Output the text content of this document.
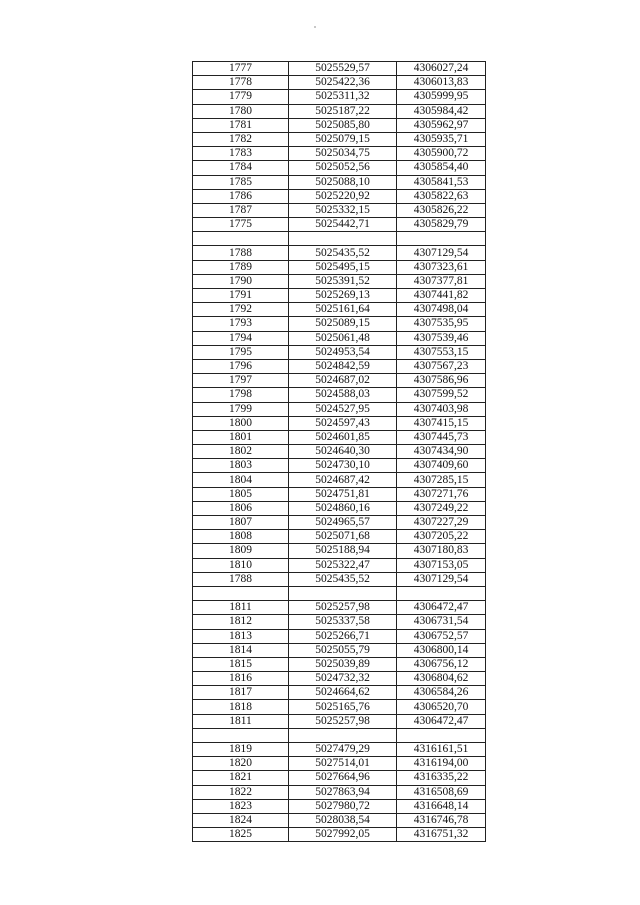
1777	5025529,57	4306027,24
1778	5025422,36	4306013,83
1779	5025311,32	4305999,95
1780	5025187,22	4305984,42
1781	5025085,80	4305962,97
1782	5025079,15	4305935,71
1783	5025034,75	4305900,72
1784	5025052,56	4305854,40
1785	5025088,10	4305841,53
1786	5025220,92	4305822,63
1787	5025332,15	4305826,22
1775	5025442,71	4305829,79

1788	5025435,52	4307129,54
1789	5025495,15	4307323,61
1790	5025391,52	4307377,81
1791	5025269,13	4307441,82
1792	5025161,64	4307498,04
1793	5025089,15	4307535,95
1794	5025061,48	4307539,46
1795	5024953,54	4307553,15
1796	5024842,59	4307567,23
1797	5024687,02	4307586,96
1798	5024588,03	4307599,52
1799	5024527,95	4307403,98
1800	5024597,43	4307415,15
1801	5024601,85	4307445,73
1802	5024640,30	4307434,90
1803	5024730,10	4307409,60
1804	5024687,42	4307285,15
1805	5024751,81	4307271,76
1806	5024860,16	4307249,22
1807	5024965,57	4307227,29
1808	5025071,68	4307205,22
1809	5025188,94	4307180,83
1810	5025322,47	4307153,05
1788	5025435,52	4307129,54

1811	5025257,98	4306472,47
1812	5025337,58	4306731,54
1813	5025266,71	4306752,57
1814	5025055,79	4306800,14
1815	5025039,89	4306756,12
1816	5024732,32	4306804,62
1817	5024664,62	4306584,26
1818	5025165,76	4306520,70
1811	5025257,98	4306472,47

1819	5027479,29	4316161,51
1820	5027514,01	4316194,00
1821	5027664,96	4316335,22
1822	5027863,94	4316508,69
1823	5027980,72	4316648,14
1824	5028038,54	4316746,78
1825	5027992,05	4316751,32
